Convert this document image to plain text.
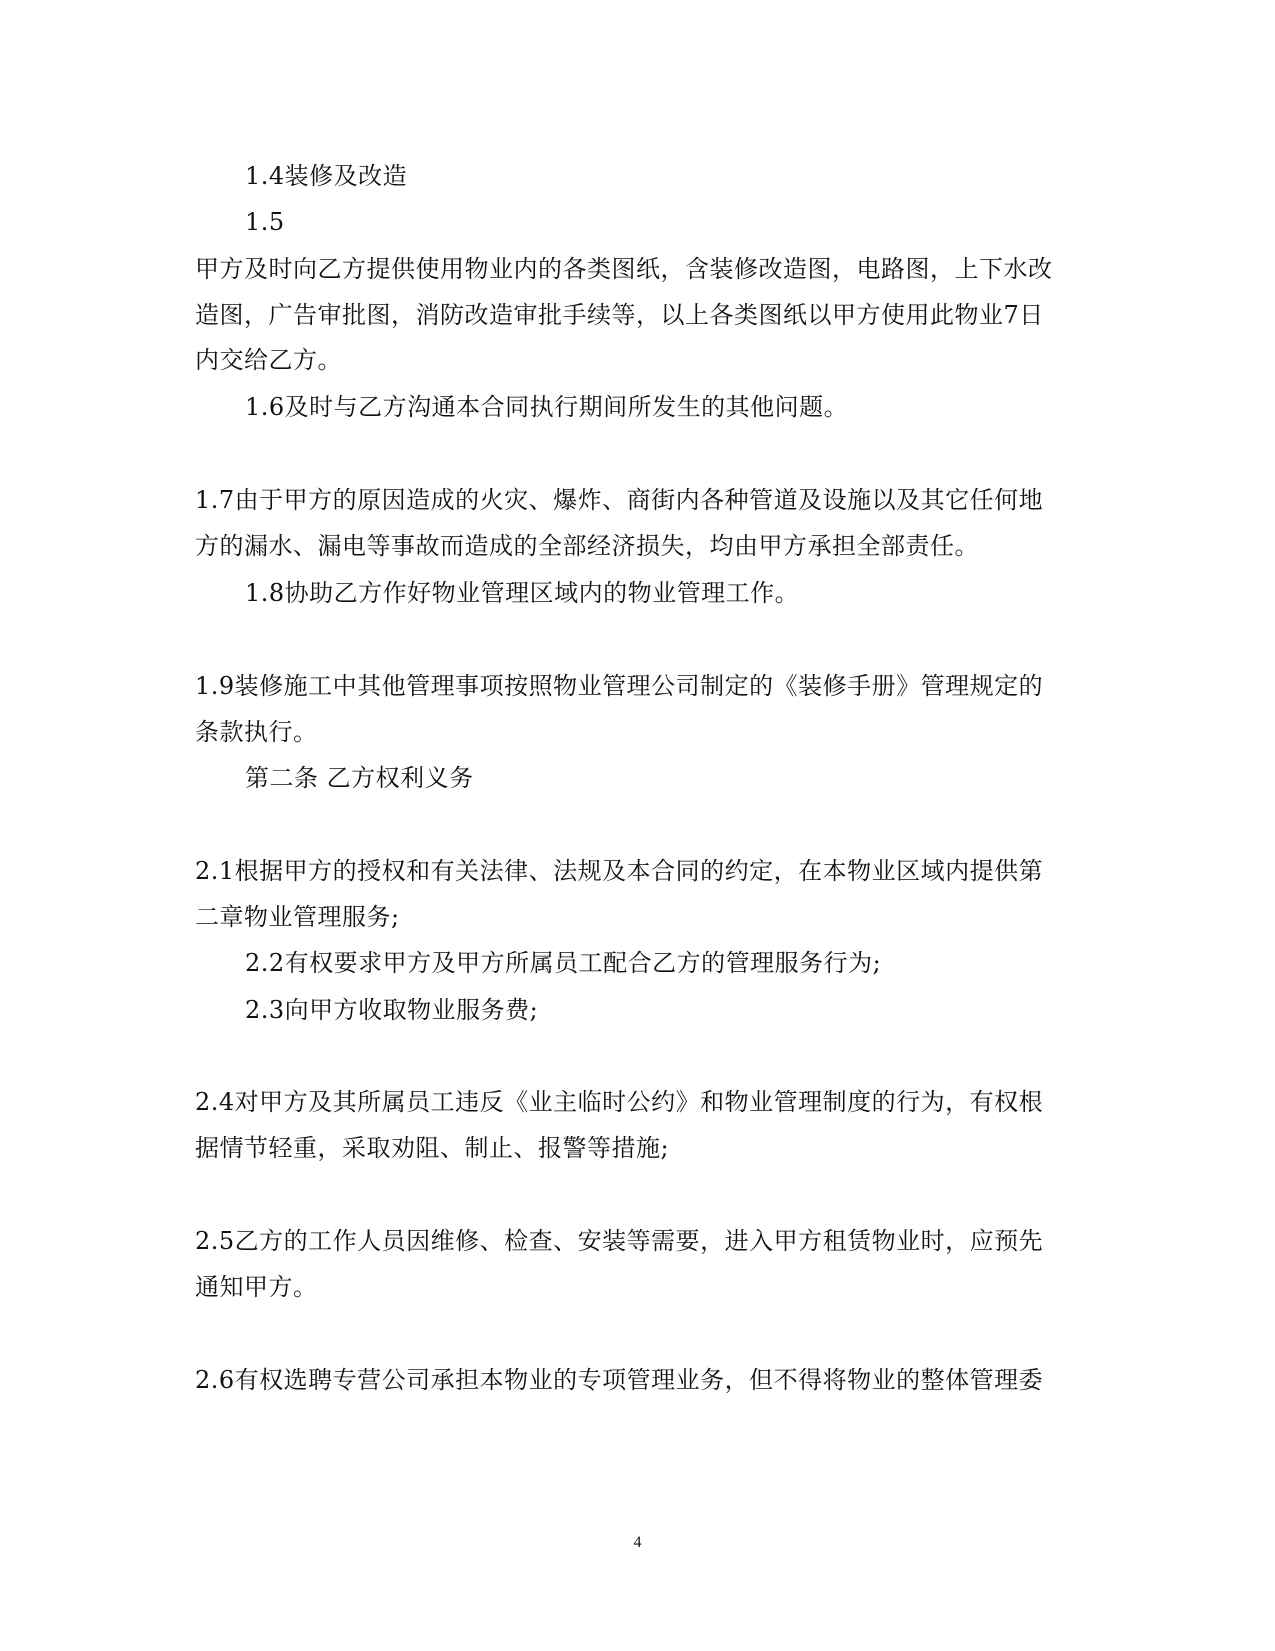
1.4装修及改造
1.5
甲方及时向乙方提供使用物业内的各类图纸，含装修改造图，电路图，上下水改
造图，广告审批图，消防改造审批手续等，以上各类图纸以甲方使用此物业7日
内交给乙方。
1.6及时与乙方沟通本合同执行期间所发生的其他问题。
1.7由于甲方的原因造成的火灾、爆炸、商街内各种管道及设施以及其它任何地
方的漏水、漏电等事故而造成的全部经济损失，均由甲方承担全部责任。
1.8协助乙方作好物业管理区域内的物业管理工作。
1.9装修施工中其他管理事项按照物业管理公司制定的《装修手册》管理规定的
条款执行。
第二条 乙方权利义务
2.1根据甲方的授权和有关法律、法规及本合同的约定，在本物业区域内提供第
二章物业管理服务;
2.2有权要求甲方及甲方所属员工配合乙方的管理服务行为;
2.3向甲方收取物业服务费;
2.4对甲方及其所属员工违反《业主临时公约》和物业管理制度的行为，有权根
据情节轻重，采取劝阻、制止、报警等措施;
2.5乙方的工作人员因维修、检查、安装等需要，进入甲方租赁物业时，应预先
通知甲方。
2.6有权选聘专营公司承担本物业的专项管理业务，但不得将物业的整体管理委
4
